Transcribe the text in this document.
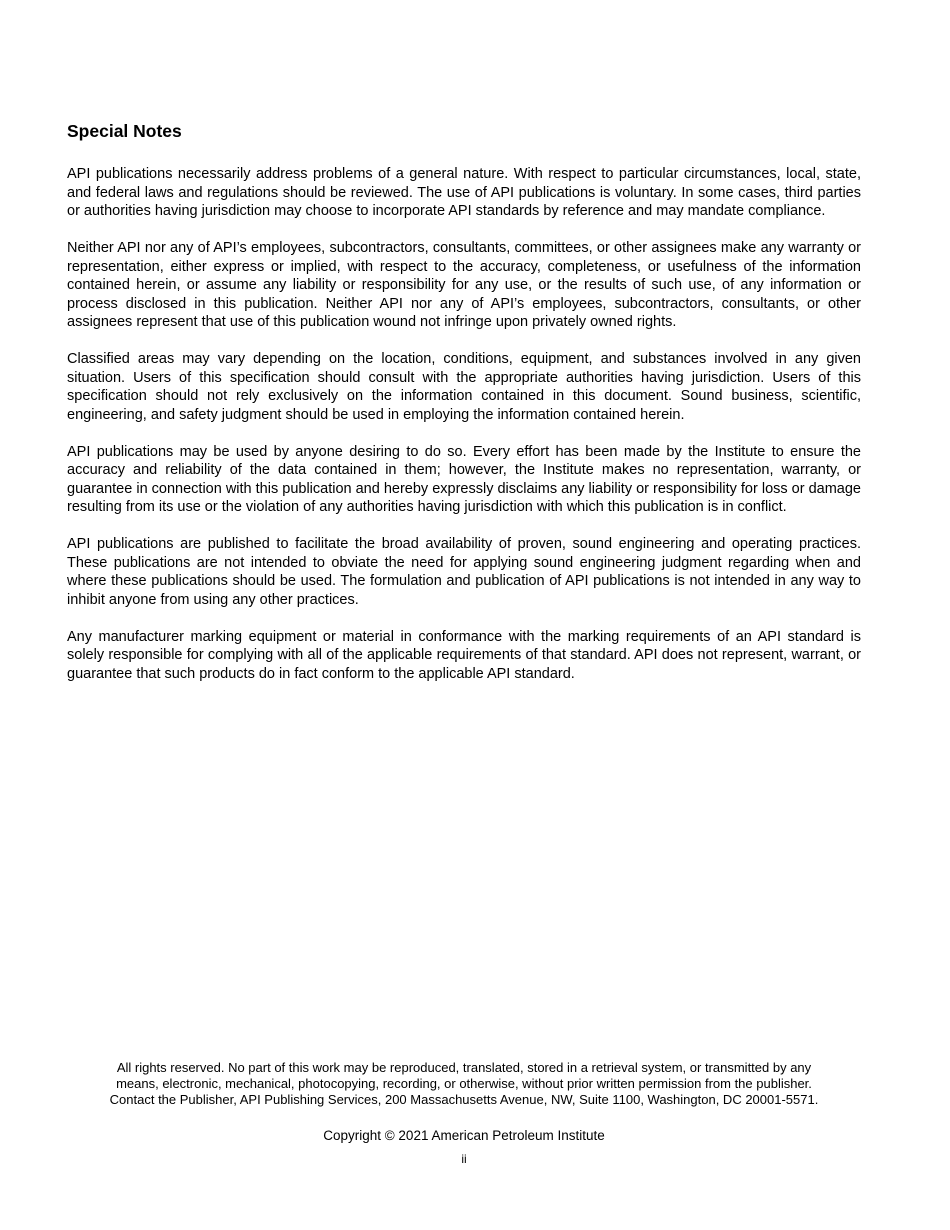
Special Notes

API publications necessarily address problems of a general nature. With respect to particular circumstances, local, state, and federal laws and regulations should be reviewed. The use of API publications is voluntary. In some cases, third parties or authorities having jurisdiction may choose to incorporate API standards by reference and may mandate compliance.

Neither API nor any of API’s employees, subcontractors, consultants, committees, or other assignees make any warranty or representation, either express or implied, with respect to the accuracy, completeness, or usefulness of the information contained herein, or assume any liability or responsibility for any use, or the results of such use, of any information or process disclosed in this publication. Neither API nor any of API’s employees, subcontractors, consultants, or other assignees represent that use of this publication wound not infringe upon privately owned rights.

Classified areas may vary depending on the location, conditions, equipment, and substances involved in any given situation. Users of this specification should consult with the appropriate authorities having jurisdiction. Users of this specification should not rely exclusively on the information contained in this document. Sound business, scientific, engineering, and safety judgment should be used in employing the information contained herein.

API publications may be used by anyone desiring to do so. Every effort has been made by the Institute to ensure the accuracy and reliability of the data contained in them; however, the Institute makes no representation, warranty, or guarantee in connection with this publication and hereby expressly disclaims any liability or responsibility for loss or damage resulting from its use or the violation of any authorities having jurisdiction with which this publication is in conflict.

API publications are published to facilitate the broad availability of proven, sound engineering and operating practices. These publications are not intended to obviate the need for applying sound engineering judgment regarding when and where these publications should be used. The formulation and publication of API publications is not intended in any way to inhibit anyone from using any other practices.

Any manufacturer marking equipment or material in conformance with the marking requirements of an API standard is solely responsible for complying with all of the applicable requirements of that standard. API does not represent, warrant, or guarantee that such products do in fact conform to the applicable API standard.

All rights reserved. No part of this work may be reproduced, translated, stored in a retrieval system, or transmitted by any

means, electronic, mechanical, photocopying, recording, or otherwise, without prior written permission from the publisher.

Contact the Publisher, API Publishing Services, 200 Massachusetts Avenue, NW, Suite 1100, Washington, DC 20001-5571.

Copyright © 2021 American Petroleum Institute
ii
